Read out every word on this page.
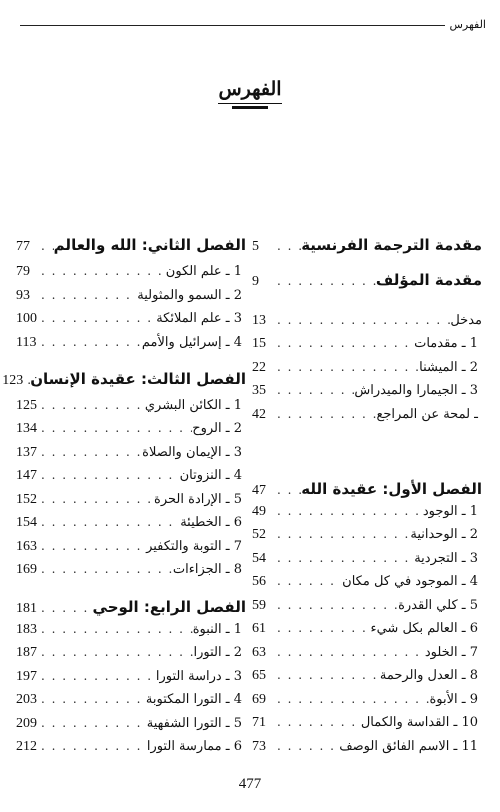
الفهرس
الفهرس
مقدمة الترجمة الفرنسية
. . .
5
مقدمة المؤلف
. . .
9
مدخل
. . .
13
1 ـ مقدمات
. . .
15
2 ـ الميشنا
. . .
22
3 ـ الجيمارا والميدراش
. . .
35
ـ لمحة عن المراجع
. . .
42
الفصل الأول: عقيدة الله
. . .
47
1 ـ الوجود
. . .
49
2 ـ الوحدانية
. . .
52
3 ـ التجردية
. . .
54
4 ـ الموجود في كل مكان
. . .
56
5 ـ كلي القدرة
. . .
59
6 ـ العالم بكل شيء
. . .
61
7 ـ الخلود
. . .
63
8 ـ العدل والرحمة
. . .
65
9 ـ الأبوة
. . .
69
10 ـ القداسة والكمال
. . .
71
11 ـ الاسم الفائق الوصف
. . .
73
الفصل الثاني: الله والعالم
. . .
77
1 ـ علم الكون
. . .
79
2 ـ السمو والمثولية
. . .
93
3 ـ علم الملائكة
. . .
100
4 ـ إسرائيل والأمم
. . .
113
الفصل الثالث: عقيدة الإنسان
. . .
123
1 ـ الكائن البشري
. . .
125
2 ـ الروح
. . .
134
3 ـ الإيمان والصلاة
. . .
137
4 ـ النزوتان
. . .
147
5 ـ الإرادة الحرة
. . .
152
6 ـ الخطيئة
. . .
154
7 ـ التوبة والتكفير
. . .
163
8 ـ الجزاءات
. . .
169
الفصل الرابع: الوحي
. . .
181
1 ـ النبوة
. . .
183
2 ـ التورا
. . .
187
3 ـ دراسة التورا
. . .
197
4 ـ التورا المكتوبة
. . .
203
5 ـ التورا الشفهية
. . .
209
6 ـ ممارسة التورا
. . .
212
477
